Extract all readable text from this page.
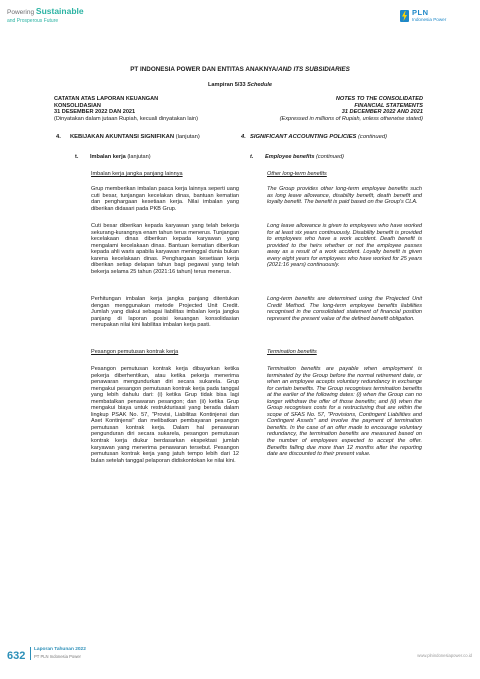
Powering Sustainable
and Prosperous Future
PLN
Indonesia Power
PT INDONESIA POWER DAN ENTITAS ANAKNYA/AND ITS SUBSIDIARIES
Lampiran 5/33 Schedule
CATATAN ATAS LAPORAN KEUANGAN
KONSOLIDASIAN
31 DESEMBER 2022 DAN 2021
(Dinyatakan dalam jutaan Rupiah, kecuali dinyatakan lain)
NOTES TO THE CONSOLIDATED
FINANCIAL STATEMENTS
31 DECEMBER 2022 AND 2021
(Expressed in millions of Rupiah, unless otherwise stated)
4. KEBIJAKAN AKUNTANSI SIGNIFIKAN (lanjutan)	4. SIGNIFICANT ACCOUNTING POLICIES (continued)
t. Imbalan kerja (lanjutan)	t. Employee benefits (continued)
Imbalan kerja jangka panjang lainnya	Other long-term benefits
Grup memberikan imbalan pasca kerja lainnya seperti uang cuti besar, tunjangan kecelakan dinas, bantuan kematian dan penghargaan kesetiaan kerja. Nilai imbalan yang diberikan didasari pada PKB Grup.
The Group provides other long-term employee benefits such as long leave allowance, disability benefit, death benefit and loyalty benefit. The benefit is paid based on the Group's CLA.
Cuti besar diberikan kepada karyawan yang telah bekerja sekurang-kurangnya enam tahun terus menerus. Tunjangan kecelakaan dinas diberikan kepada karyawan yang mengalami kecelakaan dinas. Bantuan kematian diberikan kepada ahli waris apabila karyawan meninggal dunia bukan karena kecelakaan dinas. Penghargaan kesetiaan kerja diberikan setiap delapan tahun bagi pegawai yang telah bekerja selama 25 tahun (2021:16 tahun) terus menerus.
Long leave allowance is given to employees who have worked for at least six years continuously. Disability benefit is provided to employees who have a work accident. Death benefit is provided to the heirs whether or not the employee passes away as a result of a work accident. Loyalty benefit is given every eight years for employees who have worked for 25 years (2021:16 years) continuously.
Perhitungan imbalan kerja jangka panjang ditentukan dengan menggunakan metode Projected Unit Credit. Jumlah yang diakui sebagai liabilitas imbalan kerja jangka panjang di laporan posisi keuangan konsolidasian merupakan nilai kini liabilitas imbalan kerja pasti.
Long-term benefits are determined using the Projected Unit Credit Method. The long-term employee benefits liabilities recognised in the consolidated statement of financial position represent the present value of the defined benefit obligation.
Pesangon pemutusan kontrak kerja	Termination benefits
Pesangon pemutusan kontrak kerja dibayarkan ketika pekerja diberhentikan, atau ketika pekerja menerima penawaran mengundurkan diri secara sukarela. Grup mengakui pesangon pemutusan kontrak kerja pada tanggal yang lebih dahulu dari: (i) ketika Grup tidak bisa lagi membatalkan penawaran pesangon; dan (ii) ketika Grup mengakui biaya untuk restrukturisasi yang berada dalam lingkup PSAK No. 57, "Provisi, Liabilitas Kontinjensi dan Aset Kontinjensi" dan melibatkan pembayaran pesangon pemutusan kontrak kerja. Dalam hal penawaran pengunduran diri secara sukarela, pesangon pemutusan kontrak kerja diukur berdasarkan ekspektasi jumlah karyawan yang menerima penawaran tersebut. Pesangon pemutusan kontrak kerja yang jatuh tempo lebih dari 12 bulan setelah tanggal pelaporan didiskontokan ke nilai kini.
Termination benefits are payable when employment is terminated by the Group before the normal retirement date, or when an employee accepts voluntary redundancy in exchange for certain benefits. The Group recognises termination benefits at the earlier of the following dates: (i) when the Group can no longer withdraw the offer of those benefits; and (ii) when the Group recognises costs for a restructuring that are within the scope of SFAS No. 57, "Provisions, Contingent Liabilities and Contingent Assets" and involve the payment of termination benefits. In the case of an offer made to encourage voluntary redundancy, the termination benefits are measured based on the number of employees expected to accept the offer. Benefits falling due more than 12 months after the reporting date are discounted to their present value.
632
Laporan Tahunan 2022
PT PLN Indonesia Power	www.plnindonesiapower.co.id
